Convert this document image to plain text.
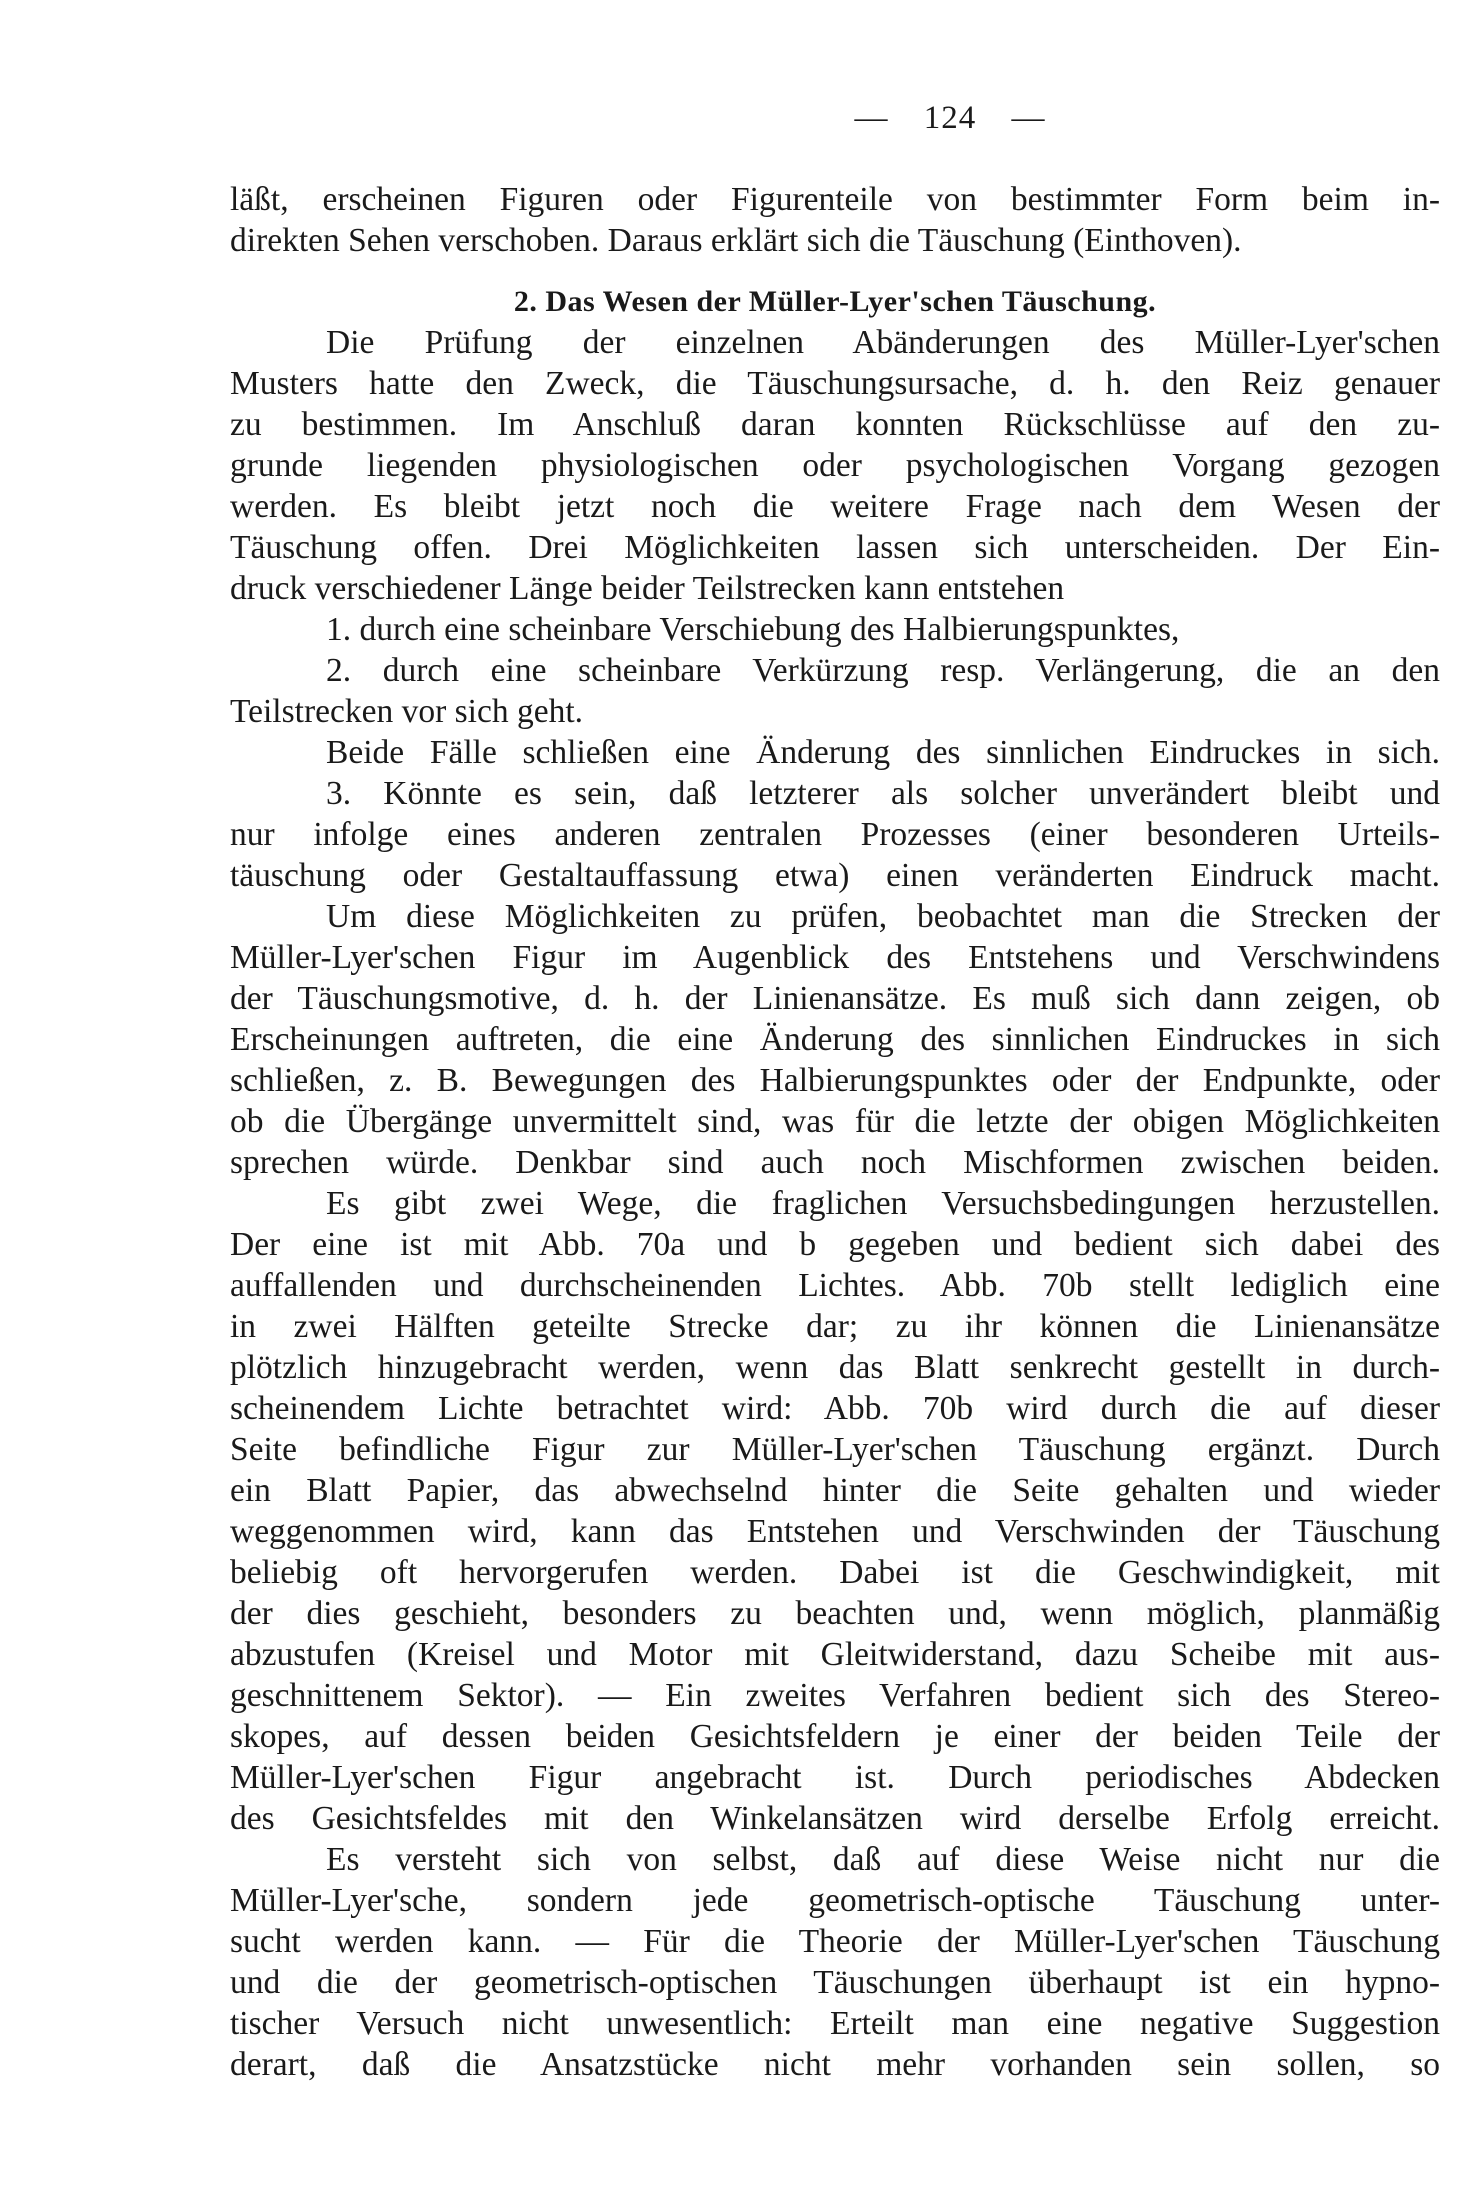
— 124 —
läßt, erscheinen Figuren oder Figurenteile von bestimmter Form beim in-
direkten Sehen verschoben. Daraus erklärt sich die Täuschung (Einthoven).
2. Das Wesen der Müller-Lyer'schen Täuschung.
Die Prüfung der einzelnen Abänderungen des Müller-Lyer'schen
Musters hatte den Zweck, die Täuschungsursache, d. h. den Reiz genauer
zu bestimmen. Im Anschluß daran konnten Rückschlüsse auf den zu-
grunde liegenden physiologischen oder psychologischen Vorgang gezogen
werden. Es bleibt jetzt noch die weitere Frage nach dem Wesen der
Täuschung offen. Drei Möglichkeiten lassen sich unterscheiden. Der Ein-
druck verschiedener Länge beider Teilstrecken kann entstehen
1. durch eine scheinbare Verschiebung des Halbierungspunktes,
2. durch eine scheinbare Verkürzung resp. Verlängerung, die an den
Teilstrecken vor sich geht.
Beide Fälle schließen eine Änderung des sinnlichen Eindruckes in sich.
3. Könnte es sein, daß letzterer als solcher unverändert bleibt und
nur infolge eines anderen zentralen Prozesses (einer besonderen Urteils-
täuschung oder Gestaltauffassung etwa) einen veränderten Eindruck macht.
Um diese Möglichkeiten zu prüfen, beobachtet man die Strecken der
Müller-Lyer'schen Figur im Augenblick des Entstehens und Verschwindens
der Täuschungsmotive, d. h. der Linienansätze. Es muß sich dann zeigen, ob
Erscheinungen auftreten, die eine Änderung des sinnlichen Eindruckes in sich
schließen, z. B. Bewegungen des Halbierungspunktes oder der Endpunkte, oder
ob die Übergänge unvermittelt sind, was für die letzte der obigen Möglichkeiten
sprechen würde. Denkbar sind auch noch Mischformen zwischen beiden.
Es gibt zwei Wege, die fraglichen Versuchsbedingungen herzustellen.
Der eine ist mit Abb. 70a und b gegeben und bedient sich dabei des
auffallenden und durchscheinenden Lichtes. Abb. 70b stellt lediglich eine
in zwei Hälften geteilte Strecke dar; zu ihr können die Linienansätze
plötzlich hinzugebracht werden, wenn das Blatt senkrecht gestellt in durch-
scheinendem Lichte betrachtet wird: Abb. 70b wird durch die auf dieser
Seite befindliche Figur zur Müller-Lyer'schen Täuschung ergänzt. Durch
ein Blatt Papier, das abwechselnd hinter die Seite gehalten und wieder
weggenommen wird, kann das Entstehen und Verschwinden der Täuschung
beliebig oft hervorgerufen werden. Dabei ist die Geschwindigkeit, mit
der dies geschieht, besonders zu beachten und, wenn möglich, planmäßig
abzustufen (Kreisel und Motor mit Gleitwiderstand, dazu Scheibe mit aus-
geschnittenem Sektor). — Ein zweites Verfahren bedient sich des Stereo-
skopes, auf dessen beiden Gesichtsfeldern je einer der beiden Teile der
Müller-Lyer'schen Figur angebracht ist. Durch periodisches Abdecken
des Gesichtsfeldes mit den Winkelansätzen wird derselbe Erfolg erreicht.
Es versteht sich von selbst, daß auf diese Weise nicht nur die
Müller-Lyer'sche, sondern jede geometrisch-optische Täuschung unter-
sucht werden kann. — Für die Theorie der Müller-Lyer'schen Täuschung
und die der geometrisch-optischen Täuschungen überhaupt ist ein hypno-
tischer Versuch nicht unwesentlich: Erteilt man eine negative Suggestion
derart, daß die Ansatzstücke nicht mehr vorhanden sein sollen, so
